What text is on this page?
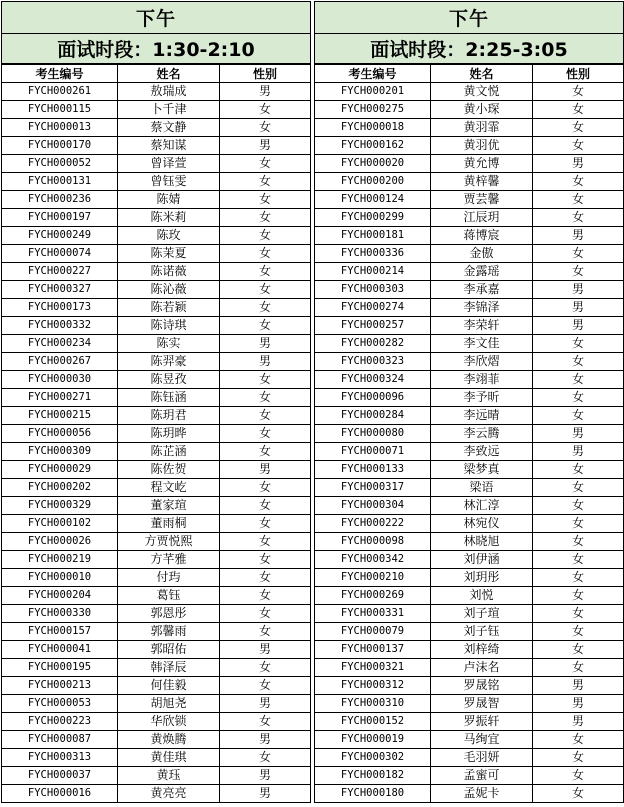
下午		
面试时段：1:30-2:10		
考生编号	姓名	性别
FYCH000261	敖瑞成	男
FYCH000115	卜千津	女
FYCH000013	蔡文静	女
FYCH000170	蔡知谋	男
FYCH000052	曾译萱	女
FYCH000131	曾钰雯	女
FYCH000236	陈婧	女
FYCH000197	陈米莉	女
FYCH000249	陈玫	女
FYCH000074	陈茉夏	女
FYCH000227	陈诺薇	女
FYCH000327	陈沁薇	女
FYCH000173	陈若颖	女
FYCH000332	陈诗琪	女
FYCH000234	陈实	男
FYCH000267	陈羿豪	男
FYCH000030	陈昱孜	女
FYCH000271	陈钰涵	女
FYCH000215	陈玥君	女
FYCH000056	陈玥晔	女
FYCH000309	陈芷涵	女
FYCH000029	陈佐贺	男
FYCH000202	程文屹	女
FYCH000329	董家瑄	女
FYCH000102	董雨桐	女
FYCH000026	方贾悦熙	女
FYCH000219	方芊雅	女
FYCH000010	付玙	女
FYCH000204	葛钰	女
FYCH000330	郭恩彤	女
FYCH000157	郭馨雨	女
FYCH000041	郭昭佑	男
FYCH000195	韩泽辰	女
FYCH000213	何佳毅	女
FYCH000053	胡旭尧	男
FYCH000223	华欣锁	女
FYCH000087	黄焕腾	男
FYCH000313	黄佳琪	女
FYCH000037	黄珏	男
FYCH000016	黄亮亮	男
下午		
面试时段：2:25-3:05		
考生编号	姓名	性别
FYCH000201	黄文悦	女
FYCH000275	黄小琛	女
FYCH000018	黄羽霏	女
FYCH000162	黄羽优	女
FYCH000020	黄允博	男
FYCH000200	黄梓馨	女
FYCH000124	贾芸馨	女
FYCH000299	江辰玥	女
FYCH000181	蒋博宸	男
FYCH000336	金傲	女
FYCH000214	金露瑶	女
FYCH000303	李承嘉	男
FYCH000274	李锦泽	男
FYCH000257	李荣轩	男
FYCH000282	李文佳	女
FYCH000323	李欣熠	女
FYCH000324	李翊菲	女
FYCH000096	李予昕	女
FYCH000284	李远晴	女
FYCH000080	李云腾	男
FYCH000071	李致远	男
FYCH000133	梁梦真	女
FYCH000317	梁语	女
FYCH000304	林汇淳	女
FYCH000222	林宛仪	女
FYCH000098	林晓旭	女
FYCH000342	刘伊涵	女
FYCH000210	刘玥彤	女
FYCH000269	刘悦	女
FYCH000331	刘子瑄	女
FYCH000079	刘子钰	女
FYCH000137	刘梓绮	女
FYCH000321	卢沫名	女
FYCH000312	罗晟铭	男
FYCH000310	罗晟智	男
FYCH000152	罗振轩	男
FYCH000019	马绚宜	女
FYCH000302	毛羽妍	女
FYCH000182	孟蜜可	女
FYCH000180	孟妮卡	女
